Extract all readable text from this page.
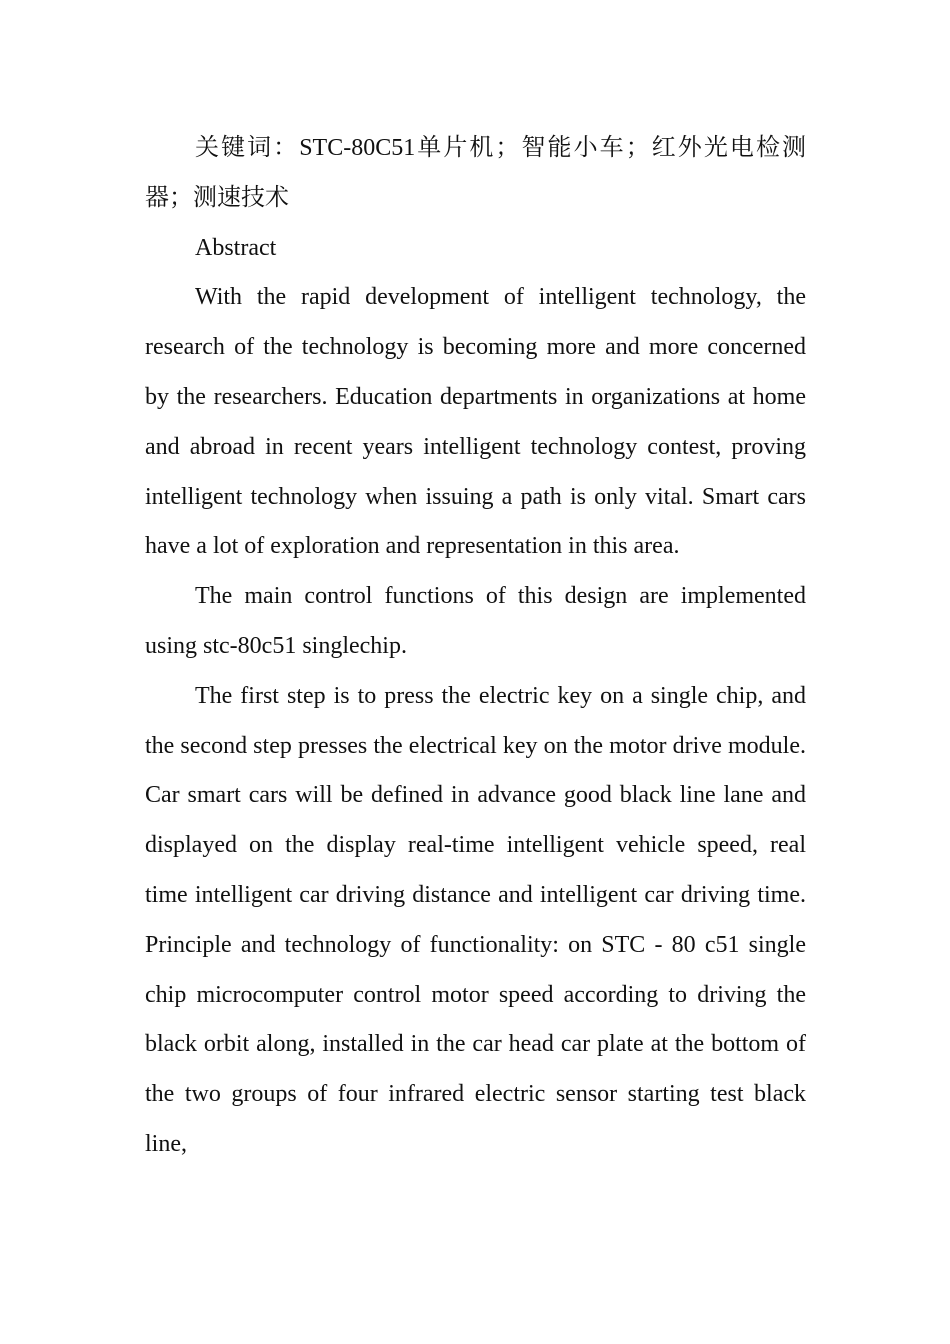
关键词：STC-80C51单片机；智能小车；红外光电检测器；测速技术

Abstract

With the rapid development of intelligent technology, the research of the technology is becoming more and more concerned by the researchers. Education departments in organizations at home and abroad in recent years intelligent technology contest, proving intelligent technology when issuing a path is only vital. Smart cars have a lot of exploration and representation in this area.

The main control functions of this design are implemented using stc-80c51 singlechip.

The first step is to press the electric key on a single chip, and the second step presses the electrical key on the motor drive module. Car smart cars will be defined in advance good black line lane and displayed on the display real-time intelligent vehicle speed, real time intelligent car driving distance and intelligent car driving time. Principle and technology of functionality: on STC - 80 c51 single chip microcomputer control motor speed according to driving the black orbit along, installed in the car head car plate at the bottom of the two groups of four infrared electric sensor starting test black line,
